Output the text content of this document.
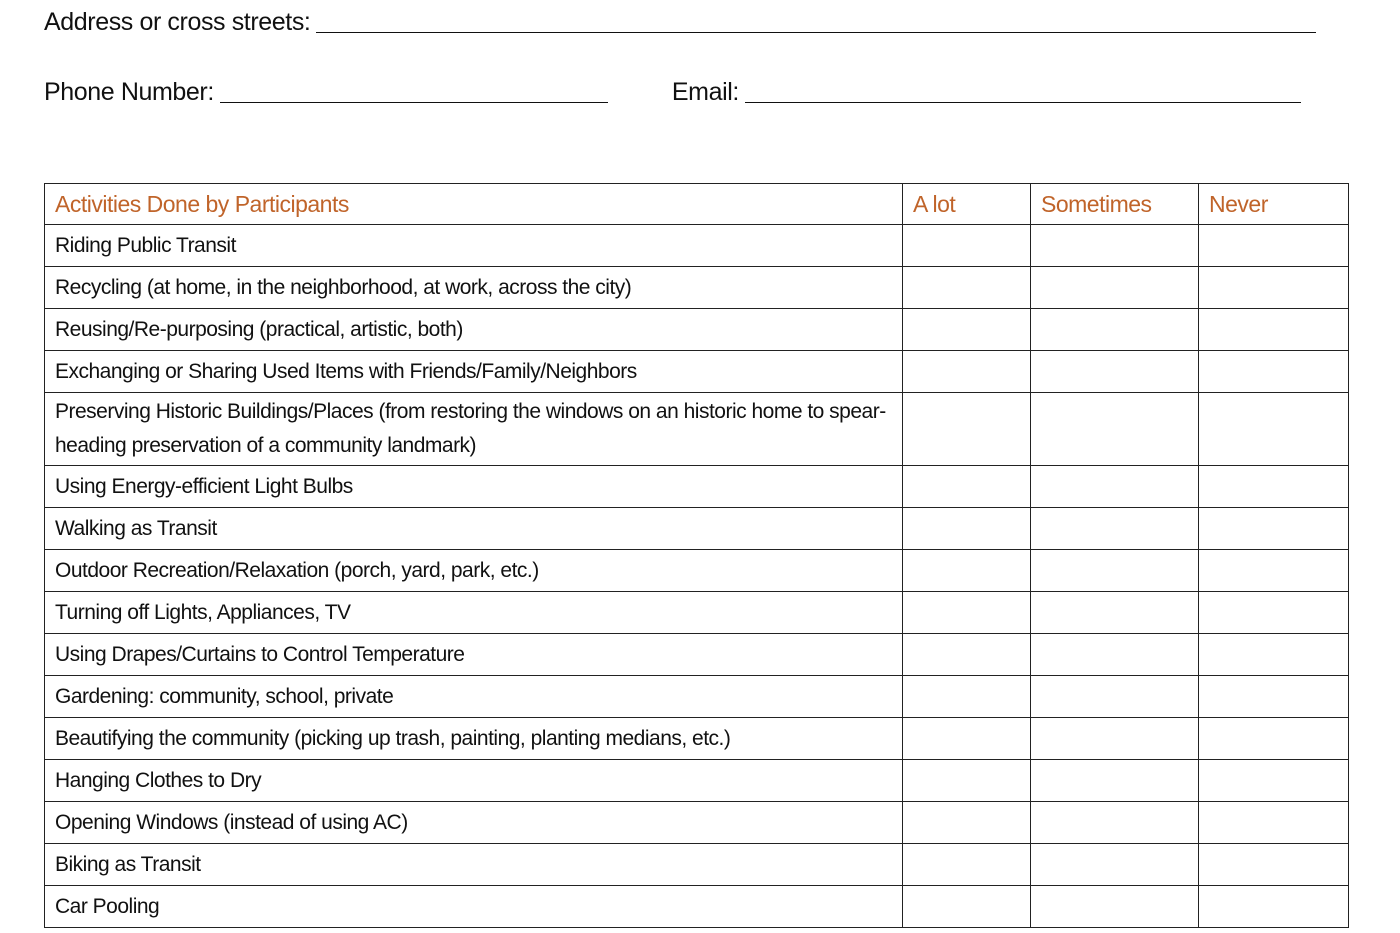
Address or cross streets:
Phone Number:	Email:
Activities Done by Participants	A lot	Sometimes	Never
Riding Public Transit			
Recycling (at home, in the neighborhood, at work, across the city)			
Reusing/Re-purposing (practical, artistic, both)			
Exchanging or Sharing Used Items with Friends/Family/Neighbors			
Preserving Historic Buildings/Places (from restoring the windows on an historic home to spear-heading preservation of a community landmark)			
Using Energy-efficient Light Bulbs			
Walking as Transit			
Outdoor Recreation/Relaxation (porch, yard, park, etc.)			
Turning off Lights, Appliances, TV			
Using Drapes/Curtains to Control Temperature			
Gardening: community, school, private			
Beautifying the community (picking up trash, painting, planting medians, etc.)			
Hanging Clothes to Dry			
Opening Windows (instead of using AC)			
Biking as Transit			
Car Pooling			
